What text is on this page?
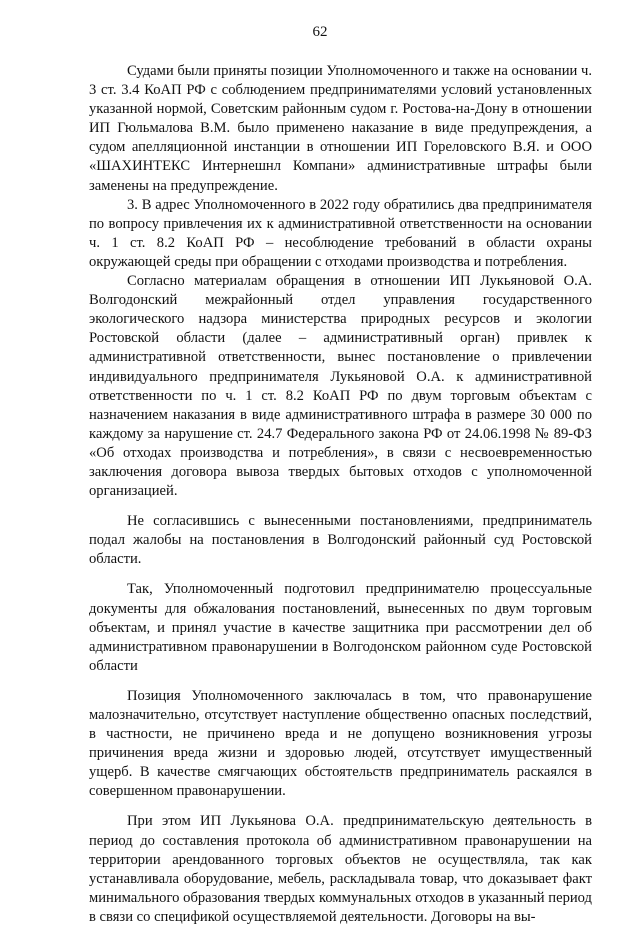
62

Судами были приняты позиции Уполномоченного и также на основании ч. 3 ст. 3.4 КоАП РФ с соблюдением предпринимателями условий установленных указанной нормой, Советским районным судом г. Ростова-на-Дону в отношении ИП Гюльмалова В.М. было применено наказание в виде предупреждения, а судом апелляционной инстанции в отношении ИП Гореловского В.Я. и ООО «ШАХИНТЕКС Интернешнл Компани» административные штрафы были заменены на предупреждение.

3. В адрес Уполномоченного в 2022 году обратились два предпринимателя по вопросу привлечения их к административной ответственности на основании ч. 1 ст. 8.2 КоАП РФ – несоблюдение требований в области охраны окружающей среды при обращении с отходами производства и потребления.

Согласно материалам обращения в отношении ИП Лукьяновой О.А. Волгодонский межрайонный отдел управления государственного экологического надзора министерства природных ресурсов и экологии Ростовской области (далее – административный орган) привлек к административной ответственности, вынес постановление о привлечении индивидуального предпринимателя Лукьяновой О.А. к административной ответственности по ч. 1 ст. 8.2 КоАП РФ по двум торговым объектам с назначением наказания в виде административного штрафа в размере 30 000 по каждому за нарушение ст. 24.7 Федерального закона РФ от 24.06.1998 № 89-ФЗ «Об отходах производства и потребления», в связи с несвоевременностью заключения договора вывоза твердых бытовых отходов с уполномоченной организацией.

Не согласившись с вынесенными постановлениями, предприниматель подал жалобы на постановления в Волгодонский районный суд Ростовской области.

Так, Уполномоченный подготовил предпринимателю процессуальные документы для обжалования постановлений, вынесенных по двум торговым объектам, и принял участие в качестве защитника при рассмотрении дел об административном правонарушении в Волгодонском районном суде Ростовской области

Позиция Уполномоченного заключалась в том, что правонарушение малозначительно, отсутствует наступление общественно опасных последствий, в частности, не причинено вреда и не допущено возникновения угрозы причинения вреда жизни и здоровью людей, отсутствует имущественный ущерб. В качестве смягчающих обстоятельств предприниматель раскаялся в совершенном правонарушении.

При этом ИП Лукьянова О.А. предпринимательскую деятельность в период до составления протокола об административном правонарушении на территории арендованного торговых объектов не осуществляла, так как устанавливала оборудование, мебель, раскладывала товар, что доказывает факт минимального образования твердых коммунальных отходов в указанный период в связи со спецификой осуществляемой деятельности. Договоры на вы-
